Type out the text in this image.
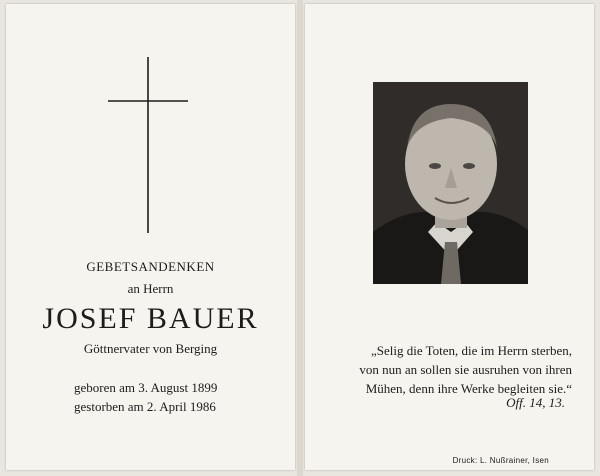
GEBETSANDENKEN
an Herrn
JOSEF BAUER
Göttnervater von Berging
geboren am 3. August 1899
gestorben am 2. April 1986
„Selig die Toten, die im Herrn sterben,
von nun an sollen sie ausruhen von ihren
Mühen, denn ihre Werke begleiten sie.“
Off. 14, 13.
Druck: L. Nußrainer, Isen
